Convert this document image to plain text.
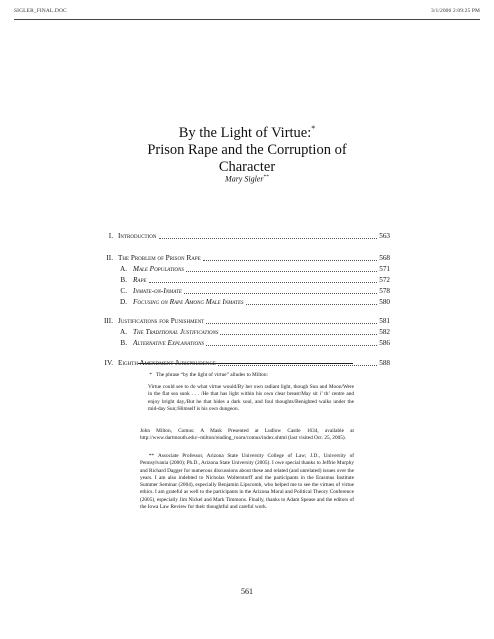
SIGLER_FINAL.DOC	3/1/2006 2:09:25 PM
By the Light of Virtue:*
Prison Rape and the Corruption of
Character
Mary Sigler**
I. Introduction	563
II. The Problem of Prison Rape	568
A. Male Populations	571
B. Rape	572
C. Inmate-on-Inmate	578
D. Focusing on Rape Among Male Inmates	580
III. Justifications for Punishment	581
A. The Traditional Justifications	582
B. Alternative Explanations	586
IV. Eighth Amendment Jurisprudence	588
* The phrase “by the light of virtue” alludes to Milton:
Virtue could see to do what virtue would/By her own radiant light, though Sun and Moon/Were in the flat sea sunk . . . /He that has light within his own clear breast/May sit i’ th’ centre and enjoy bright day,/But he that hides a dark soul, and foul thoughts/Benighted walks under the mid-day Sun;/Himself is his own dungeon.
John Milton, Comus: A Mask Presented at Ludlow Castle 1634, available at http://www.dartmouth.edu/~milton/reading_room/comus/index.shtml (last visited Oct. 25, 2005).
** Associate Professor, Arizona State University College of Law; J.D., University of Pennsylvania (2000); Ph.D., Arizona State University (2005). I owe special thanks to Jeffrie Murphy and Richard Dagger for numerous discussions about these and related (and unrelated) issues over the years. I am also indebted to Nicholas Wolterstorff and the participants in the Erasmus Institute Summer Seminar (2004), especially Benjamin Lipscomb, who helped me to see the virtues of virtue ethics. I am grateful as well to the participants in the Arizona Moral and Political Theory Conference (2005), especially Jim Nickel and Mark Timmons. Finally, thanks to Adam Spease and the editors of the Iowa Law Review for their thoughtful and careful work.
561
